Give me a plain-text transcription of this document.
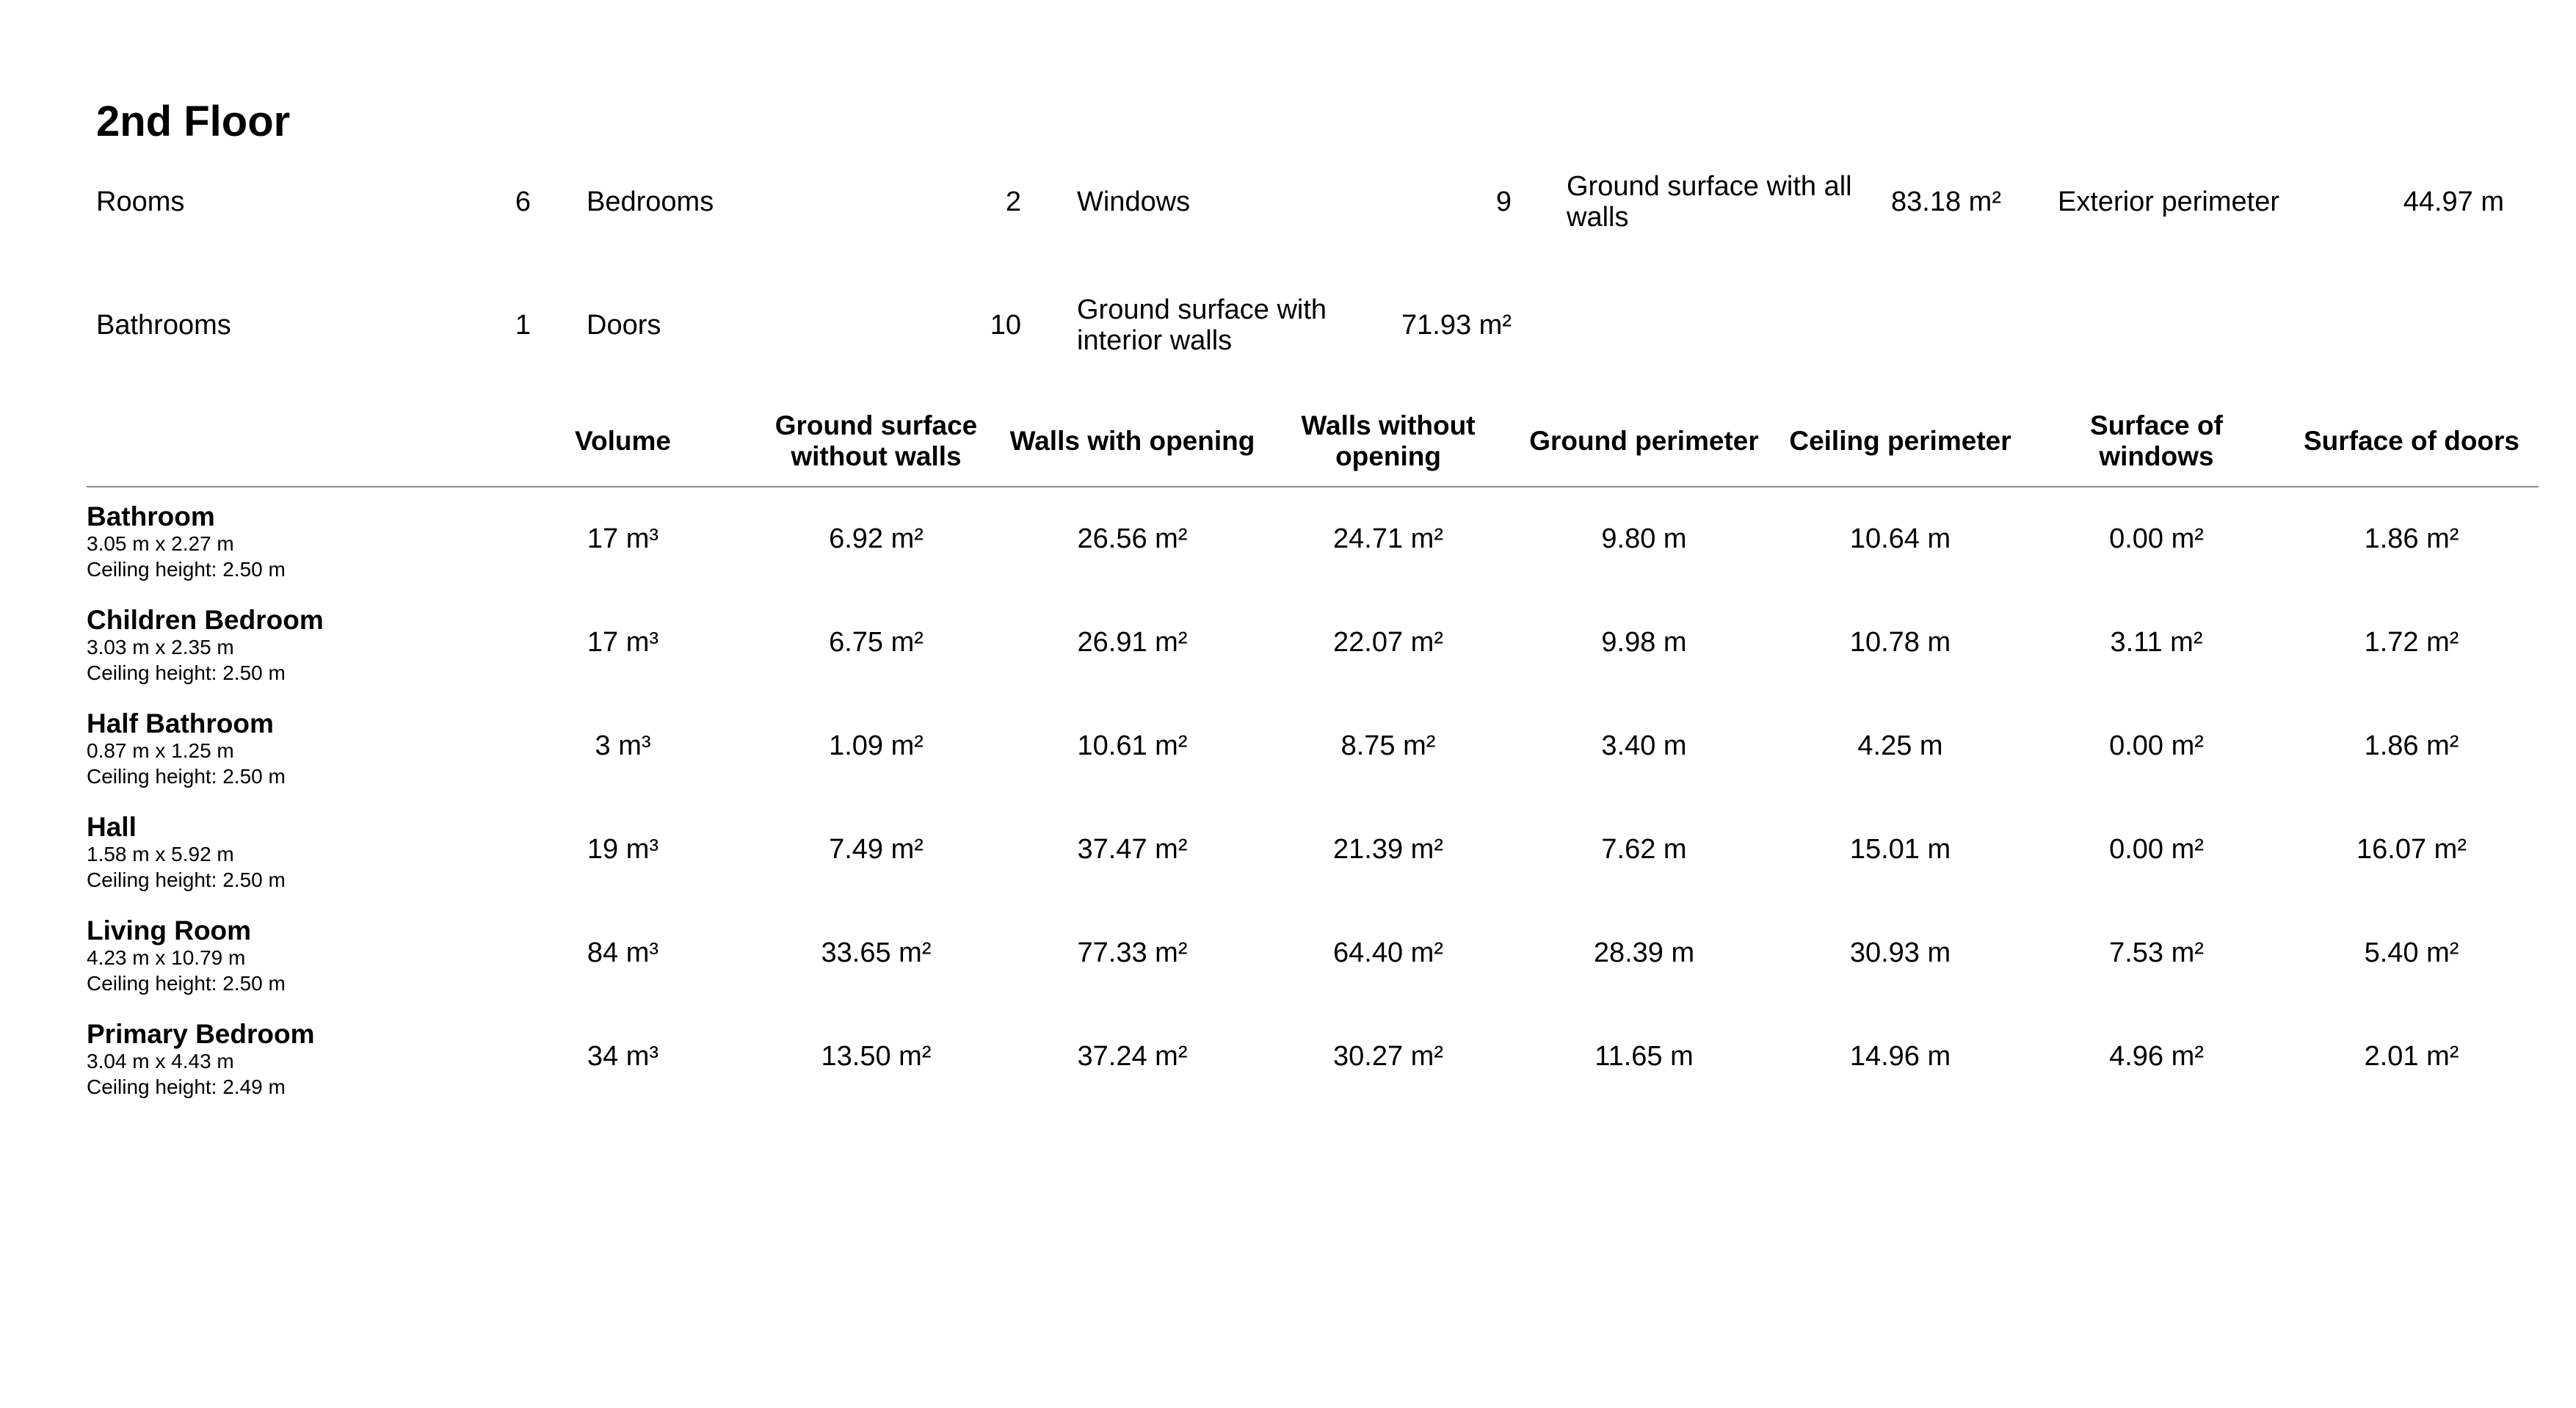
2nd Floor
Rooms	6 Bedrooms	2 Windows	9 Ground surface with all walls	83.18 m² Exterior perimeter	44.97 m
Bathrooms	1 Doors	10 Ground surface with interior walls	71.93 m²
	Volume	Ground surface without walls	Walls with opening	Walls without opening	Ground perimeter	Ceiling perimeter	Surface of windows	Surface of doors

Bathroom
3.05 m x 2.27 m
Ceiling height: 2.50 m	17 m³	6.92 m²	26.56 m²	24.71 m²	9.80 m	10.64 m	0.00 m²	1.86 m²

Children Bedroom
3.03 m x 2.35 m
Ceiling height: 2.50 m	17 m³	6.75 m²	26.91 m²	22.07 m²	9.98 m	10.78 m	3.11 m²	1.72 m²

Half Bathroom
0.87 m x 1.25 m
Ceiling height: 2.50 m	3 m³	1.09 m²	10.61 m²	8.75 m²	3.40 m	4.25 m	0.00 m²	1.86 m²

Hall
1.58 m x 5.92 m
Ceiling height: 2.50 m	19 m³	7.49 m²	37.47 m²	21.39 m²	7.62 m	15.01 m	0.00 m²	16.07 m²

Living Room
4.23 m x 10.79 m
Ceiling height: 2.50 m	84 m³	33.65 m²	77.33 m²	64.40 m²	28.39 m	30.93 m	7.53 m²	5.40 m²

Primary Bedroom
3.04 m x 4.43 m
Ceiling height: 2.49 m	34 m³	13.50 m²	37.24 m²	30.27 m²	11.65 m	14.96 m	4.96 m²	2.01 m²
